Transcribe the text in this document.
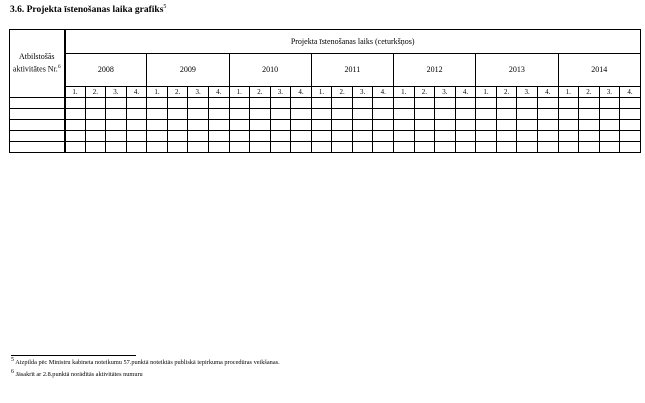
3.6. Projekta īstenošanas laika grafiks$^5$
Atbilstošās aktivitātes Nr.$^6$	Projekta īstenošanas laiks (ceturkšņos)																											
	2008				2009				2010				2011				2012				2013				2014			
	1.	2.	3.	4.	1.	2.	3.	4.	1.	2.	3.	4.	1.	2.	3.	4.	1.	2.	3.	4.	1.	2.	3.	4.	1.	2.	3.	4.

$^5$ Aizpilda pēc Ministru kabineta noteikumu 57.punktā noteiktās publiskā iepirkuma procedūras veikšanas.
$^6$ Jāsakrīt ar 2.8.punktā norādītās aktivitātes numuru
